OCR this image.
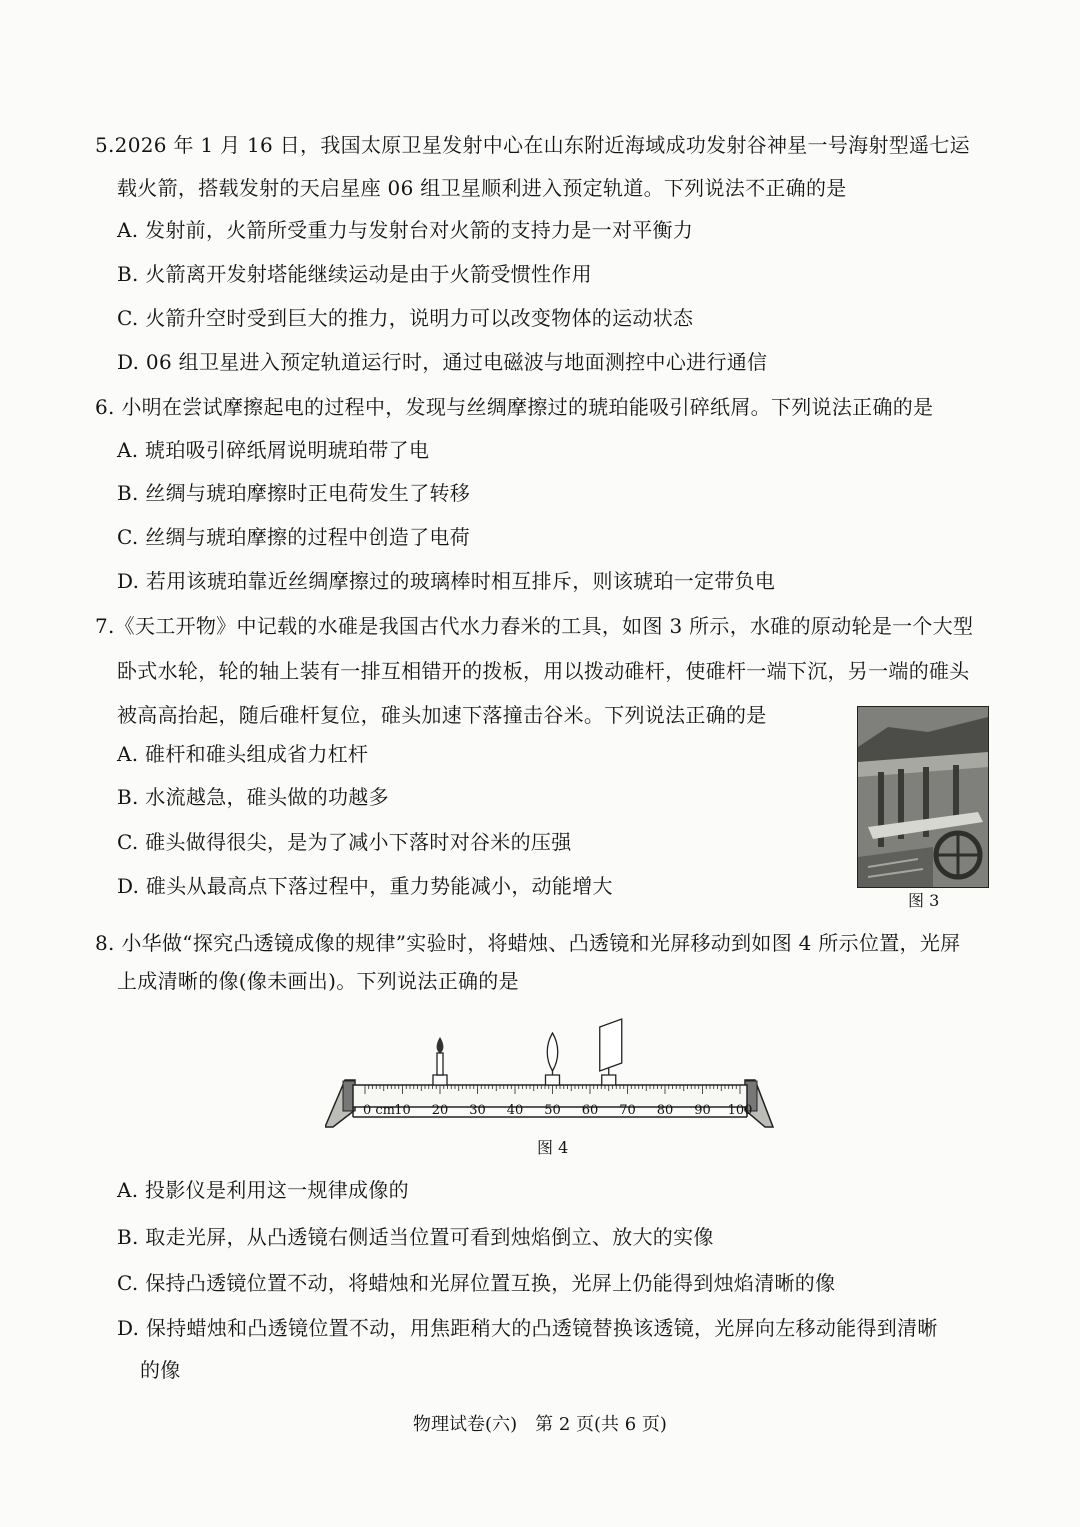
5.2026 年 1 月 16 日，我国太原卫星发射中心在山东附近海域成功发射谷神星一号海射型遥七运
载火箭，搭载发射的天启星座 06 组卫星顺利进入预定轨道。下列说法不正确的是
A. 发射前，火箭所受重力与发射台对火箭的支持力是一对平衡力
B. 火箭离开发射塔能继续运动是由于火箭受惯性作用
C. 火箭升空时受到巨大的推力，说明力可以改变物体的运动状态
D. 06 组卫星进入预定轨道运行时，通过电磁波与地面测控中心进行通信
6. 小明在尝试摩擦起电的过程中，发现与丝绸摩擦过的琥珀能吸引碎纸屑。下列说法正确的是
A. 琥珀吸引碎纸屑说明琥珀带了电
B. 丝绸与琥珀摩擦时正电荷发生了转移
C. 丝绸与琥珀摩擦的过程中创造了电荷
D. 若用该琥珀靠近丝绸摩擦过的玻璃棒时相互排斥，则该琥珀一定带负电
7.《天工开物》中记载的水碓是我国古代水力舂米的工具，如图 3 所示，水碓的原动轮是一个大型
卧式水轮，轮的轴上装有一排互相错开的拨板，用以拨动碓杆，使碓杆一端下沉，另一端的碓头
被高高抬起，随后碓杆复位，碓头加速下落撞击谷米。下列说法正确的是
A. 碓杆和碓头组成省力杠杆
B. 水流越急，碓头做的功越多
C. 碓头做得很尖，是为了减小下落时对谷米的压强
D. 碓头从最高点下落过程中，重力势能减小，动能增大
图 3
8. 小华做“探究凸透镜成像的规律”实验时，将蜡烛、凸透镜和光屏移动到如图 4 所示位置，光屏
上成清晰的像(像未画出)。下列说法正确的是
0 cm 10 20 30 40 50 60 70 80 90 100
图 4
A. 投影仪是利用这一规律成像的
B. 取走光屏，从凸透镜右侧适当位置可看到烛焰倒立、放大的实像
C. 保持凸透镜位置不动，将蜡烛和光屏位置互换，光屏上仍能得到烛焰清晰的像
D. 保持蜡烛和凸透镜位置不动，用焦距稍大的凸透镜替换该透镜，光屏向左移动能得到清晰
的像
物理试卷(六)　第 2 页(共 6 页)
